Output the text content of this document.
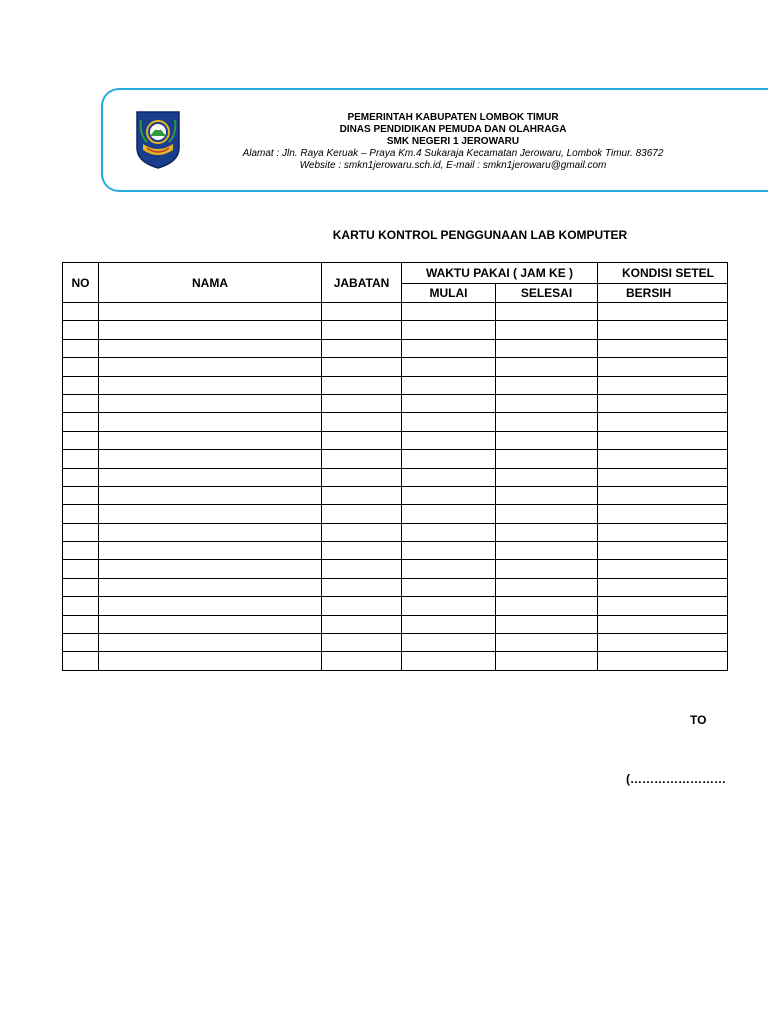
PEMERINTAH KABUPATEN LOMBOK TIMUR
DINAS PENDIDIKAN PEMUDA DAN OLAHRAGA
SMK NEGERI 1 JEROWARU
Alamat : Jln. Raya Keruak – Praya Km.4 Sukaraja Kecamatan Jerowaru, Lombok Timur. 83672
Website : smkn1jerowaru.sch.id, E-mail : smkn1jerowaru@gmail.com
KARTU KONTROL PENGGUNAAN LAB KOMPUTER
NO	NAMA	JABATAN	WAKTU PAKAI ( JAM KE )		KONDISI SETEL
			MULAI	SELESAI	BERSIH

TO
(……………………
